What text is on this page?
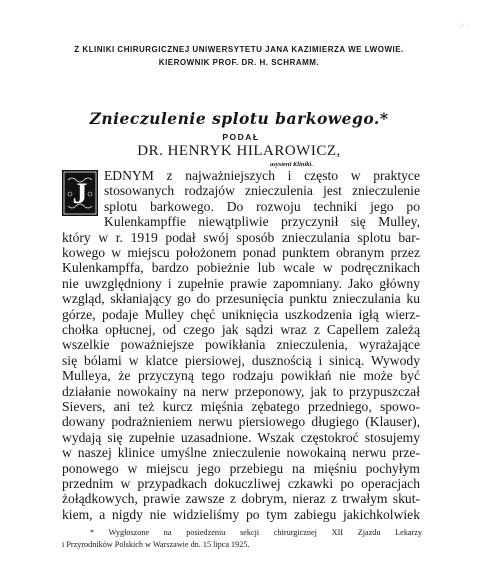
·∕ ·
Z KLINIKI CHIRURGICZNEJ UNIWERSYTETU JANA KAZIMIERZA WE LWOWIE.
KIEROWNIK PROF. DR. H. SCHRAMM.
Znieczulenie splotu barkowego.*
PODAŁ
DR. HENRYK HILAROWICZ,
asystent Kliniki.
J
EDNYM z najważniejszych i często w praktyce
stosowanych rodzajów znieczulenia jest znieczulenie
splotu barkowego. Do rozwoju techniki jego po
Kulenkampffie niewątpliwie przyczynił się Mulley,
który w r. 1919 podał swój sposób znieczulania splotu bar-
kowego w miejscu położonem ponad punktem obranym przez
Kulenkampffa, bardzo pobieżnie lub wcale w podręcznikach
nie uwzględniony i zupełnie prawie zapomniany. Jako główny
wzgląd, skłaniający go do przesunięcia punktu znieczulania ku
górze, podaje Mulley chęć uniknięcia uszkodzenia igłą wierz-
chołka opłucnej, od czego jak sądzi wraz z Capellem zależą
wszelkie poważniejsze powikłania znieczulenia, wyrażające
się bólami w klatce piersiowej, dusznością i sinicą. Wywody
Mulleya, że przyczyną tego rodzaju powikłań nie może być
działanie nowokainy na nerw przeponowy, jak to przypuszczał
Sievers, ani też kurcz mięśnia zębatego przedniego, spowo-
dowany podrażnieniem nerwu piersiowego długiego (Klauser),
wydają się zupełnie uzasadnione. Wszak częstokroć stosujemy
w naszej klinice umyślne znieczulenie nowokainą nerwu prze-
ponowego w miejscu jego przebiegu na mięśniu pochyłym
przednim w przypadkach dokuczliwej czkawki po operacjach
żołądkowych, prawie zawsze z dobrym, nieraz z trwałym skut-
kiem, a nigdy nie widzieliśmy po tym zabiegu jakichkolwiek
* Wygłoszone na posiedzeniu sekcji chirurgicznej XII Zjazdu Lekarzy
i Przyrodników Polskich w Warszawie dn. 15 lipca 1925.
